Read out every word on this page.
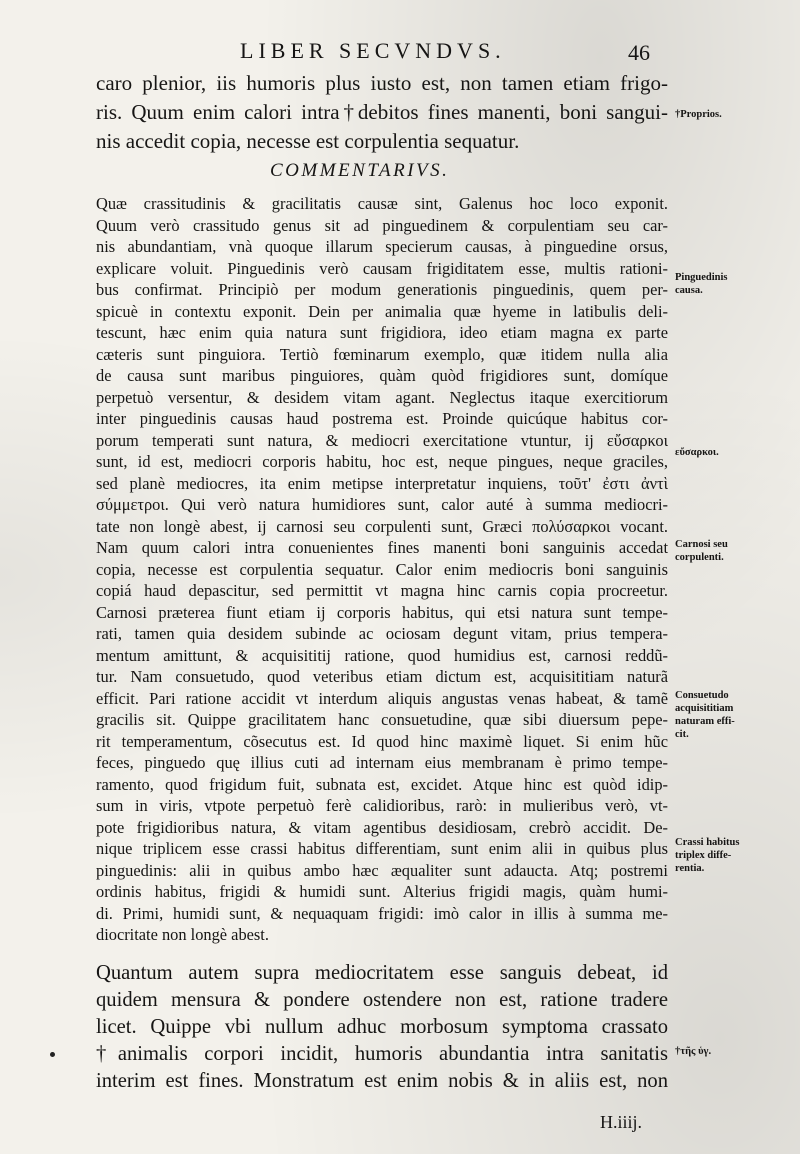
LIBER SECVNDVS.	46
caro plenior, iis humoris plus iusto est, non tamen etiam frigo-
ris. Quum enim calori intra†debitos fines manenti, boni sangui-
nis accedit copia, necesse est corpulentia sequatur.
COMMENTARIVS.
Quæ crassitudinis & gracilitatis causæ sint, Galenus hoc loco exponit.
Quum verò crassitudo genus sit ad pinguedinem & corpulentiam seu car-
nis abundantiam, vnà quoque illarum specierum causas, à pinguedine orsus,
explicare voluit. Pinguedinis verò causam frigiditatem esse, multis rationi-
bus confirmat. Principiò per modum generationis pinguedinis, quem per-
spicuè in contextu exponit. Dein per animalia quæ hyeme in latibulis deli-
tescunt, hæc enim quia natura sunt frigidiora, ideo etiam magna ex parte
cæteris sunt pinguiora. Tertiò fœminarum exemplo, quæ itidem nulla alia
de causa sunt maribus pinguiores, quàm quòd frigidiores sunt, domíque
perpetuò versentur, & desidem vitam agant. Neglectus itaque exercitiorum
inter pinguedinis causas haud postrema est. Proinde quicúque habitus cor-
porum temperati sunt natura, & mediocri exercitatione vtuntur, ij εὔσαρκοι
sunt, id est, mediocri corporis habitu, hoc est, neque pingues, neque graciles,
sed planè mediocres, ita enim metipse interpretatur inquiens, τοῦτ' ἐστι ἀντὶ
σύμμετροι. Qui verò natura humidiores sunt, calor auté à summa mediocri-
tate non longè abest, ij carnosi seu corpulenti sunt, Græci πολύσαρκοι vocant.
Nam quum calori intra conuenientes fines manenti boni sanguinis accedat
copia, necesse est corpulentia sequatur. Calor enim mediocris boni sanguinis
copiá haud depascitur, sed permittit vt magna hinc carnis copia procreetur.
Carnosi præterea fiunt etiam ij corporis habitus, qui etsi natura sunt tempe-
rati, tamen quia desidem subinde ac ociosam degunt vitam, prius tempera-
mentum amittunt, & acquisititij ratione, quod humidius est, carnosi reddũ-
tur. Nam consuetudo, quod veteribus etiam dictum est, acquisititiam naturã
efficit. Pari ratione accidit vt interdum aliquis angustas venas habeat, & tamẽ
gracilis sit. Quippe gracilitatem hanc consuetudine, quæ sibi diuersum pepe-
rit temperamentum, cõsecutus est. Id quod hinc maximè liquet. Si enim hũc
feces, pinguedo quę illius cuti ad internam eius membranam è primo tempe-
ramento, quod frigidum fuit, subnata est, excidet. Atque hinc est quòd idip-
sum in viris, vtpote perpetuò ferè calidioribus, rarò: in mulieribus verò, vt-
pote frigidioribus natura, & vitam agentibus desidiosam, crebrò accidit. De-
nique triplicem esse crassi habitus differentiam, sunt enim alii in quibus plus
pinguedinis: alii in quibus ambo hæc æqualiter sunt adaucta. Atq; postremi
ordinis habitus, frigidi & humidi sunt. Alterius frigidi magis, quàm humi-
di. Primi, humidi sunt, & nequaquam frigidi: imò calor in illis à summa me-
diocritate non longè abest.
Quantum autem supra mediocritatem esse sanguis debeat, id
quidem mensura & pondere ostendere non est, ratione tradere
licet. Quippe vbi nullum adhuc morbosum symptoma crassato
†animalis corpori incidit, humoris abundantia intra sanitatis
interim est fines. Monstratum est enim nobis & in aliis est, non
†Proprios.
Pinguedinis
causa.
εὔσαρκοι.
Carnosi seu
corpulenti.
Consuetudo
acquisititiam
naturam effi-
cit.
Crassi habitus
triplex diffe-
rentia.
†τῆς ὑγ.
H.iiij.
